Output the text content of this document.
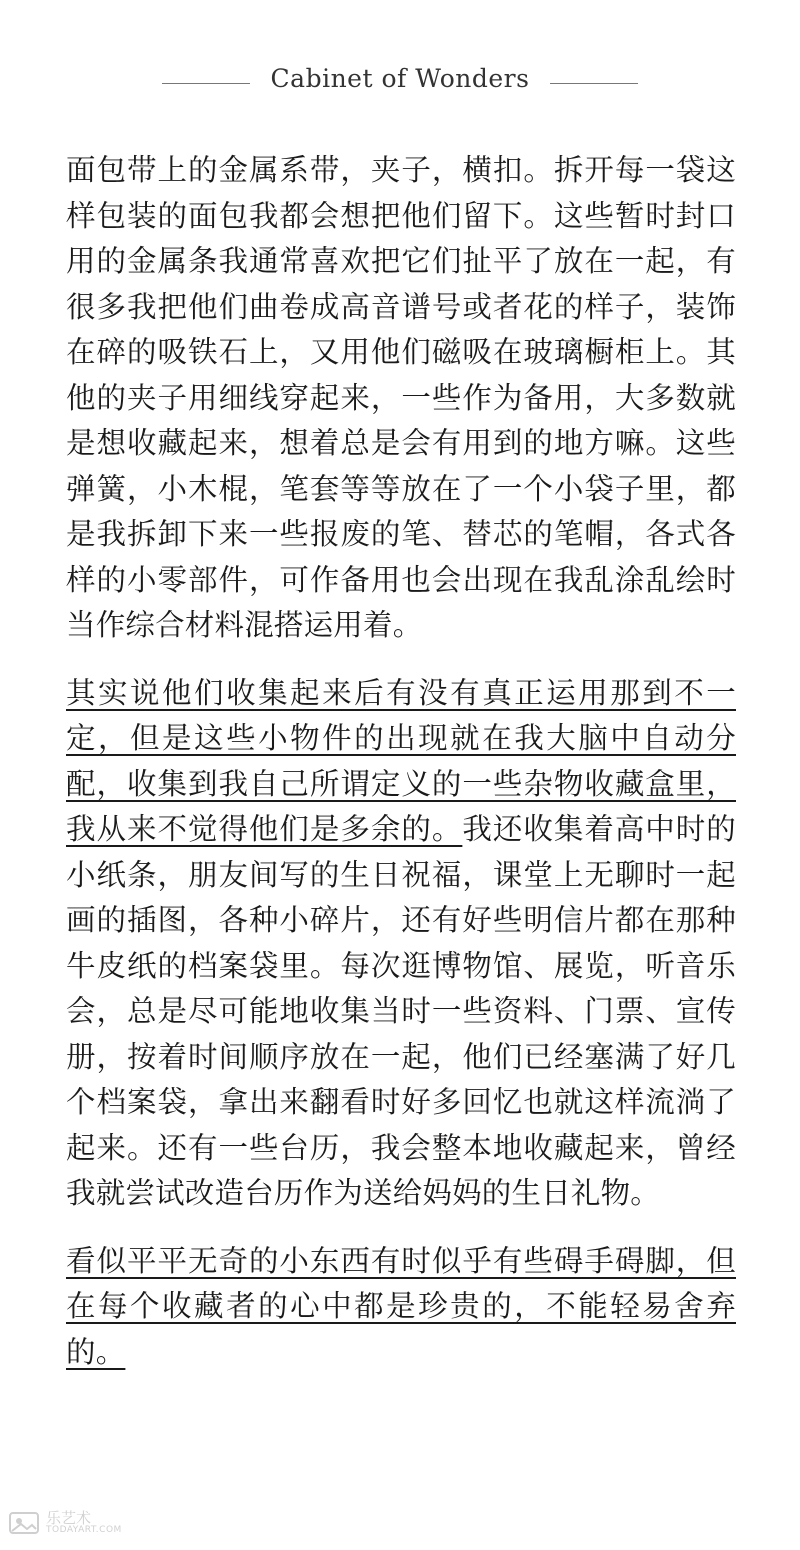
Cabinet of Wonders

面包带上的金属系带，夹子，横扣。拆开每一袋这样包装的面包我都会想把他们留下。这些暂时封口用的金属条我通常喜欢把它们扯平了放在一起，有很多我把他们曲卷成高音谱号或者花的样子，装饰在碎的吸铁石上，又用他们磁吸在玻璃橱柜上。其他的夹子用细线穿起来，一些作为备用，大多数就是想收藏起来，想着总是会有用到的地方嘛。这些弹簧，小木棍，笔套等等放在了一个小袋子里，都是我拆卸下来一些报废的笔、替芯的笔帽，各式各样的小零部件，可作备用也会出现在我乱涂乱绘时当作综合材料混搭运用着。

其实说他们收集起来后有没有真正运用那到不一定，但是这些小物件的出现就在我大脑中自动分配，收集到我自己所谓定义的一些杂物收藏盒里，我从来不觉得他们是多余的。我还收集着高中时的小纸条，朋友间写的生日祝福，课堂上无聊时一起画的插图，各种小碎片，还有好些明信片都在那种牛皮纸的档案袋里。每次逛博物馆、展览，听音乐会，总是尽可能地收集当时一些资料、门票、宣传册，按着时间顺序放在一起，他们已经塞满了好几个档案袋，拿出来翻看时好多回忆也就这样流淌了起来。还有一些台历，我会整本地收藏起来，曾经我就尝试改造台历作为送给妈妈的生日礼物。

看似平平无奇的小东西有时似乎有些碍手碍脚，但在每个收藏者的心中都是珍贵的，不能轻易舍弃的。

乐艺术
TODAYART.COM
